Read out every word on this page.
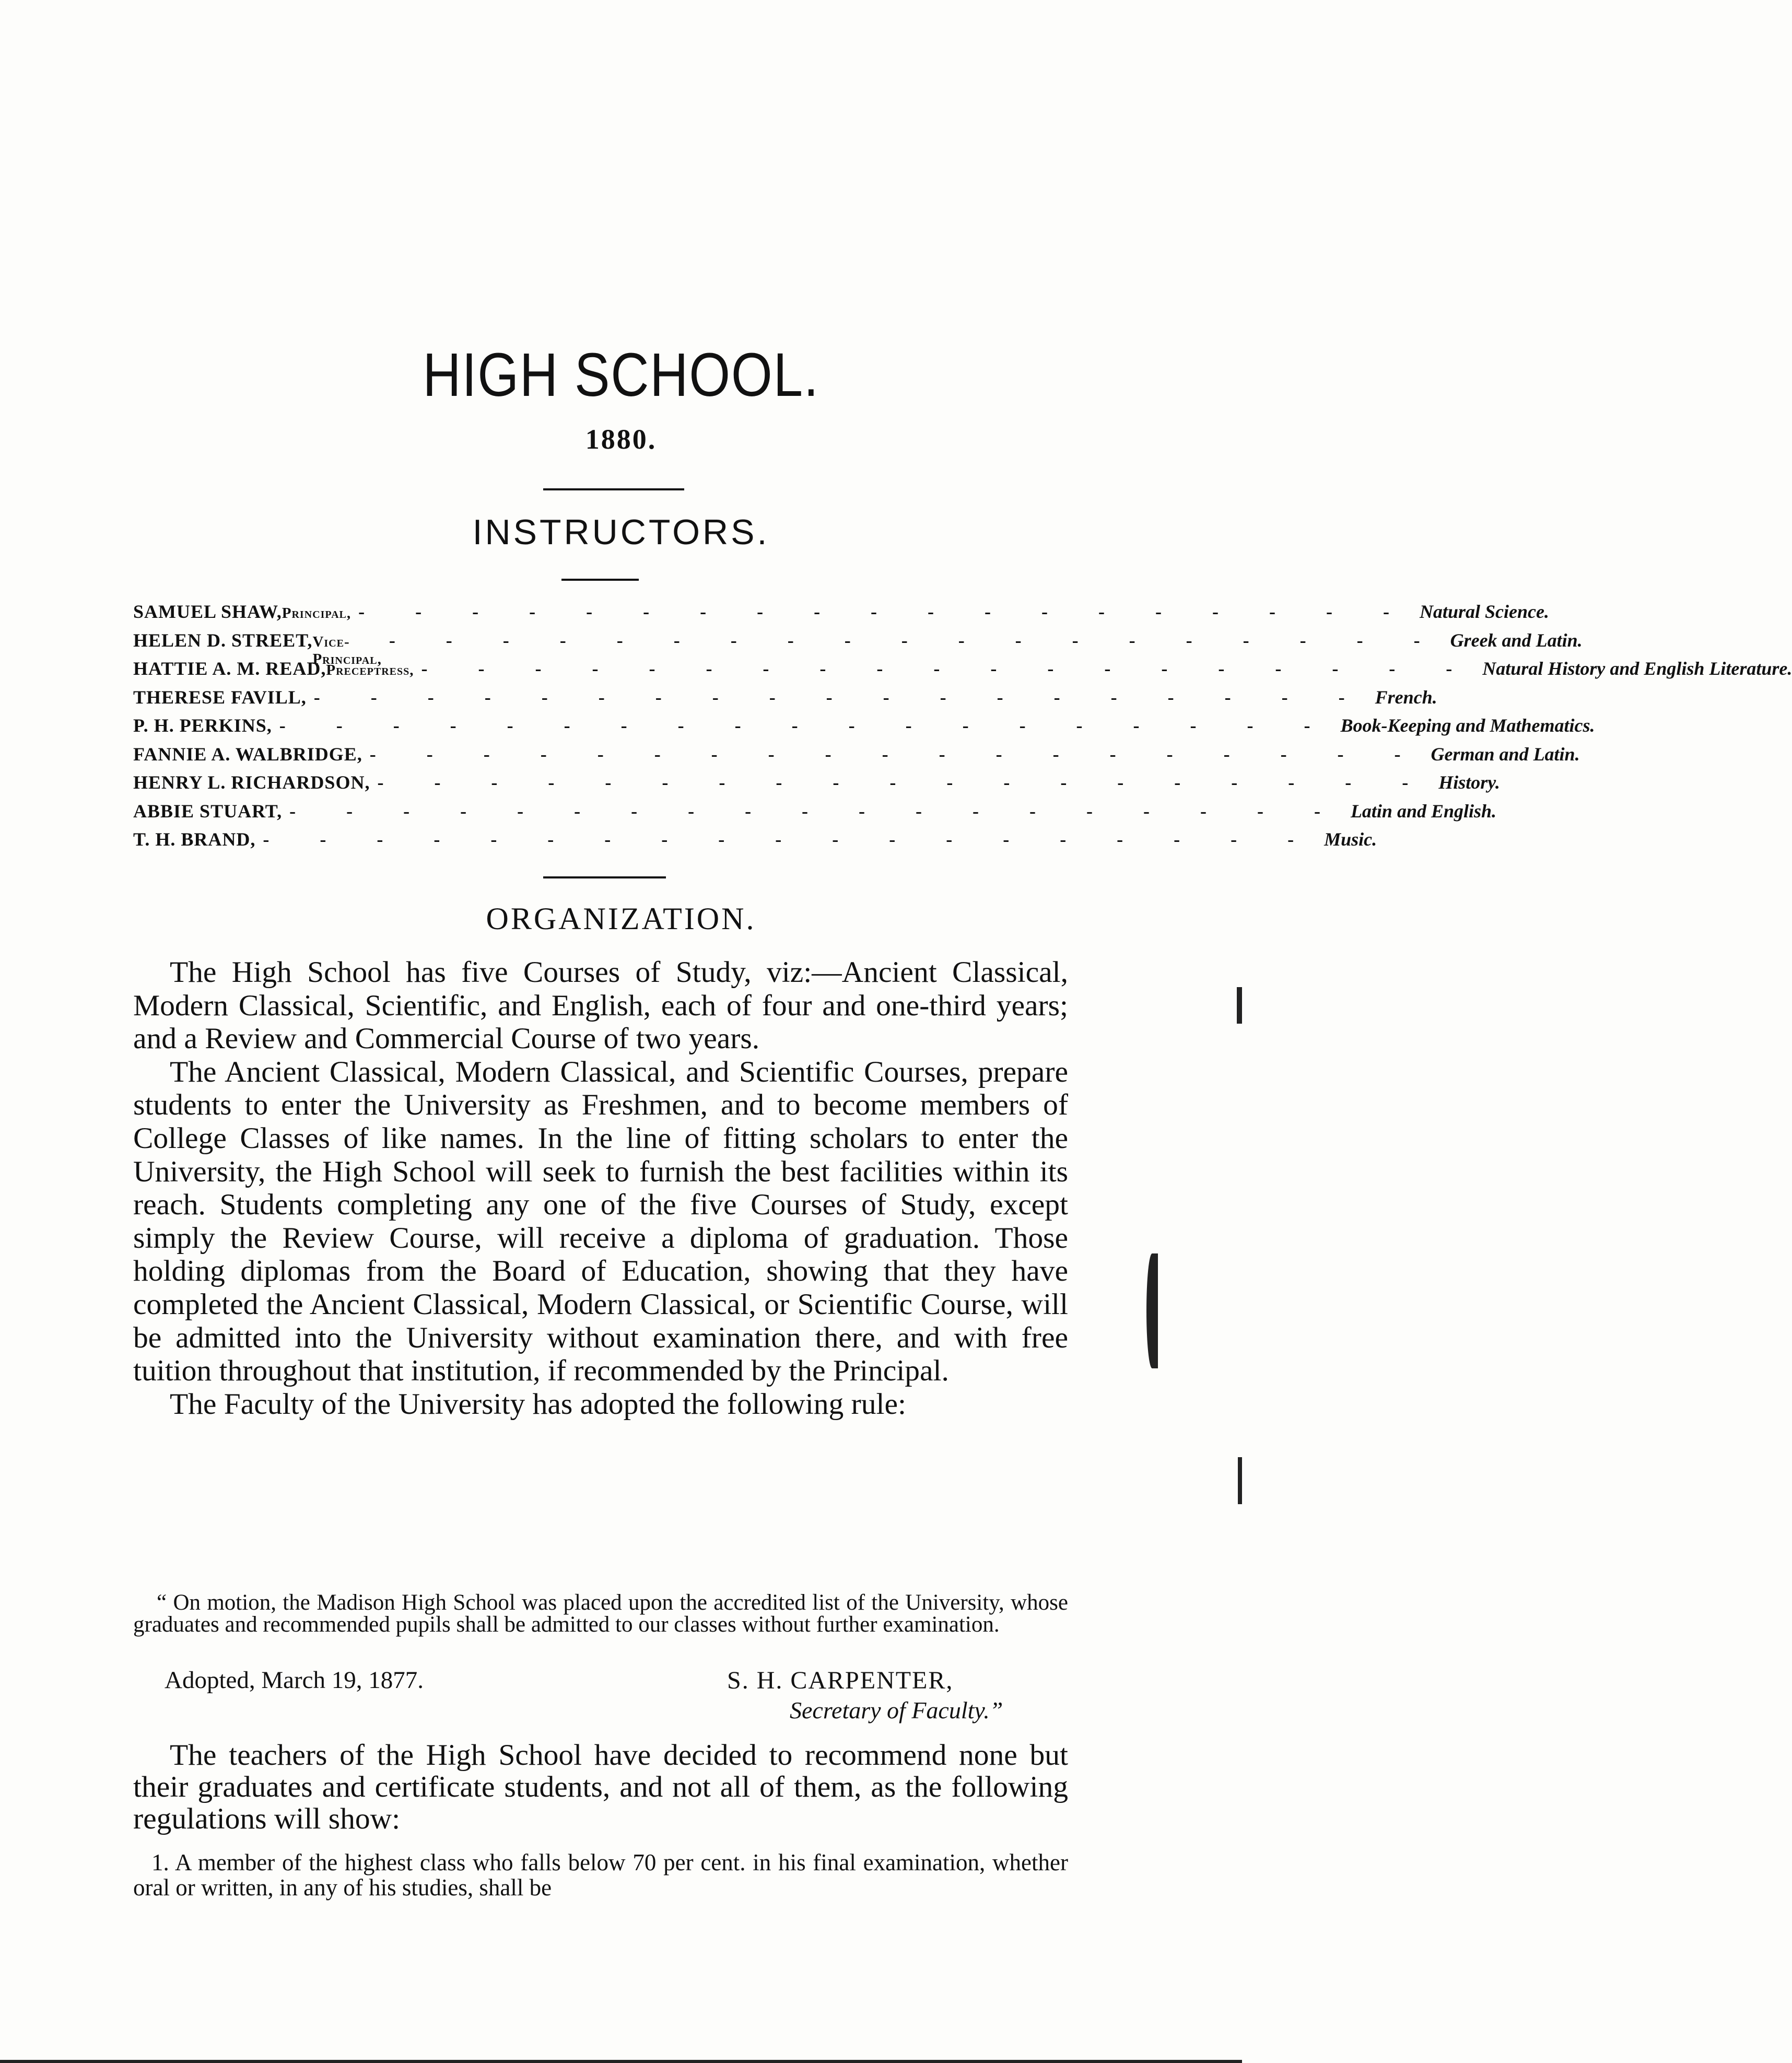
HIGH SCHOOL.
1880.
INSTRUCTORS.
SAMUEL SHAW, Principal, - - - - - - - - - - - - - - - - - - - Natural Science.
HELEN D. STREET, Vice-Principal,
- - - - - - - - - - - - - - - - - - - Greek and Latin.
HATTIE A. M. READ, Preceptress, - - - - - - - - - - - - - - - - - - - Natural History and English Literature.
THERESE FAVILL, - - - - - - - - - - - - - - - - - - - French.
P. H. PERKINS, - - - - - - - - - - - - - - - - - - - Book-Keeping and Mathematics.
FANNIE A. WALBRIDGE, - - - - - - - - - - - - - - - - - - - German and Latin.
HENRY L. RICHARDSON, - - - - - - - - - - - - - - - - - - - History.
ABBIE STUART, - - - - - - - - - - - - - - - - - - - Latin and English.
T. H. BRAND, - - - - - - - - - - - - - - - - - - - Music.
ORGANIZATION.

The High School has five Courses of Study, viz:—Ancient Classical, Modern Classical, Scientific, and English, each of four and one-third years; and a Review and Commercial Course of two years.

The Ancient Classical, Modern Classical, and Scientific Courses, prepare students to enter the University as Freshmen, and to become members of College Classes of like names. In the line of fitting scholars to enter the University, the High School will seek to furnish the best facilities within its reach. Students completing any one of the five Courses of Study, except simply the Review Course, will receive a diploma of graduation. Those holding diplomas from the Board of Education, showing that they have completed the Ancient Classical, Modern Classical, or Scientific Course, will be admitted into the University without examination there, and with free tuition throughout that institution, if recommended by the Principal.

The Faculty of the University has adopted the following rule:

“ On motion, the Madison High School was placed upon the accredited list of the University, whose graduates and recommended pupils shall be admitted to our classes without further examination.

Adopted, March 19, 1877.	S. H. CARPENTER,
Secretary of Faculty.”

The teachers of the High School have decided to recommend none but their graduates and certificate students, and not all of them, as the following regulations will show:

1. A member of the highest class who falls below 70 per cent. in his final examination, whether oral or written, in any of his studies, shall be
